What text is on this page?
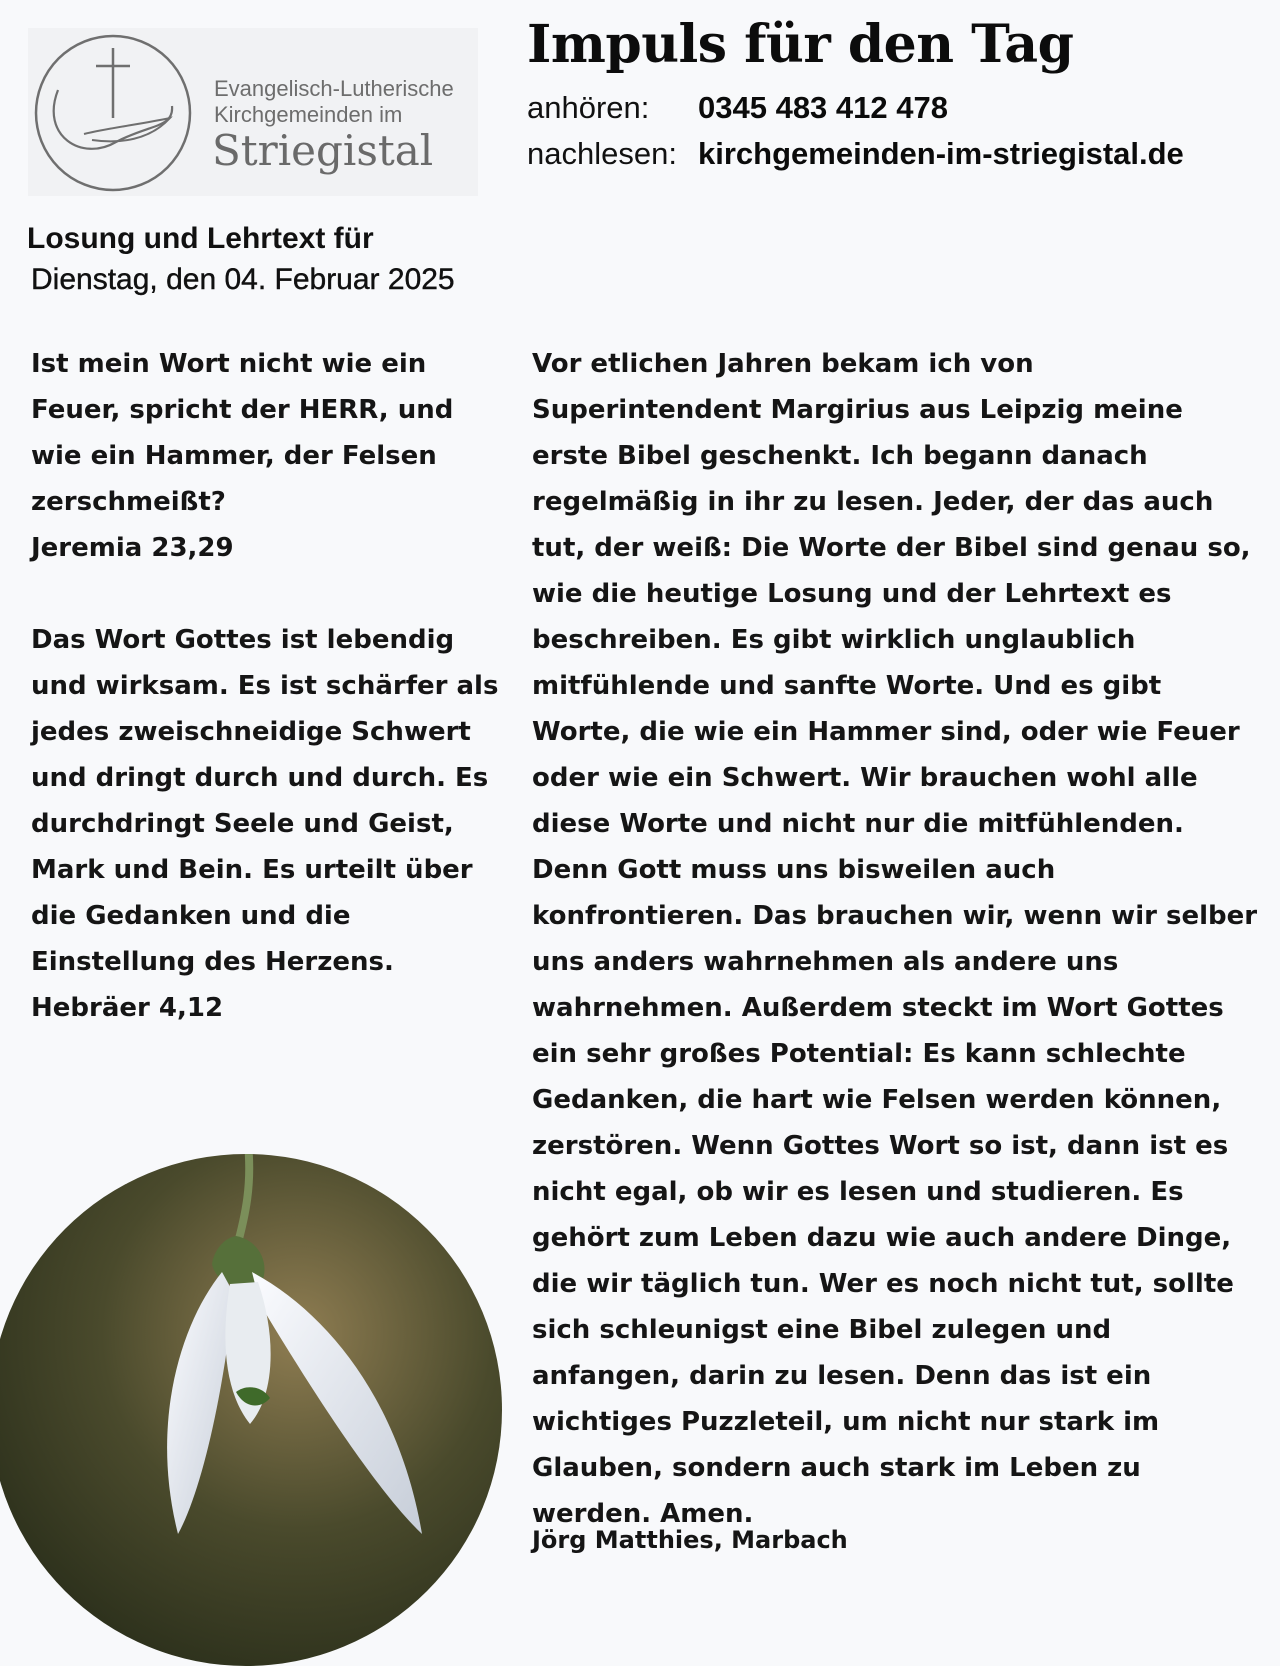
Evangelisch-Lutherische
Kirchgemeinden im
Striegistal
Impuls für den Tag
anhören: 0345 483 412 478
nachlesen: kirchgemeinden-im-striegistal.de
Losung und Lehrtext für
Dienstag, den 04. Februar 2025

Ist mein Wort nicht wie ein Feuer, spricht der HERR, und wie ein Hammer, der Felsen zerschmeißt?

Jeremia 23,29

Das Wort Gottes ist lebendig und wirksam. Es ist schärfer als jedes zweischneidige Schwert und dringt durch und durch. Es durchdringt Seele und Geist, Mark und Bein. Es urteilt über die Gedanken und die Einstellung des Herzens.

Hebräer 4,12

Vor etlichen Jahren bekam ich von Superintendent Margirius aus Leipzig meine erste Bibel geschenkt. Ich begann danach regelmäßig in ihr zu lesen. Jeder, der das auch tut, der weiß: Die Worte der Bibel sind genau so, wie die heutige Losung und der Lehrtext es beschreiben. Es gibt wirklich unglaublich mitfühlende und sanfte Worte. Und es gibt Worte, die wie ein Hammer sind, oder wie Feuer oder wie ein Schwert. Wir brauchen wohl alle diese Worte und nicht nur die mitfühlenden. Denn Gott muss uns bisweilen auch konfrontieren. Das brauchen wir, wenn wir selber uns anders wahrnehmen als andere uns wahrnehmen. Außerdem steckt im Wort Gottes ein sehr großes Potential: Es kann schlechte Gedanken, die hart wie Felsen werden können, zerstören. Wenn Gottes Wort so ist, dann ist es nicht egal, ob wir es lesen und studieren. Es gehört zum Leben dazu wie auch andere Dinge, die wir täglich tun. Wer es noch nicht tut, sollte sich schleunigst eine Bibel zulegen und anfangen, darin zu lesen. Denn das ist ein wichtiges Puzzleteil, um nicht nur stark im Glauben, sondern auch stark im Leben zu werden. Amen.
Jörg Matthies, Marbach
